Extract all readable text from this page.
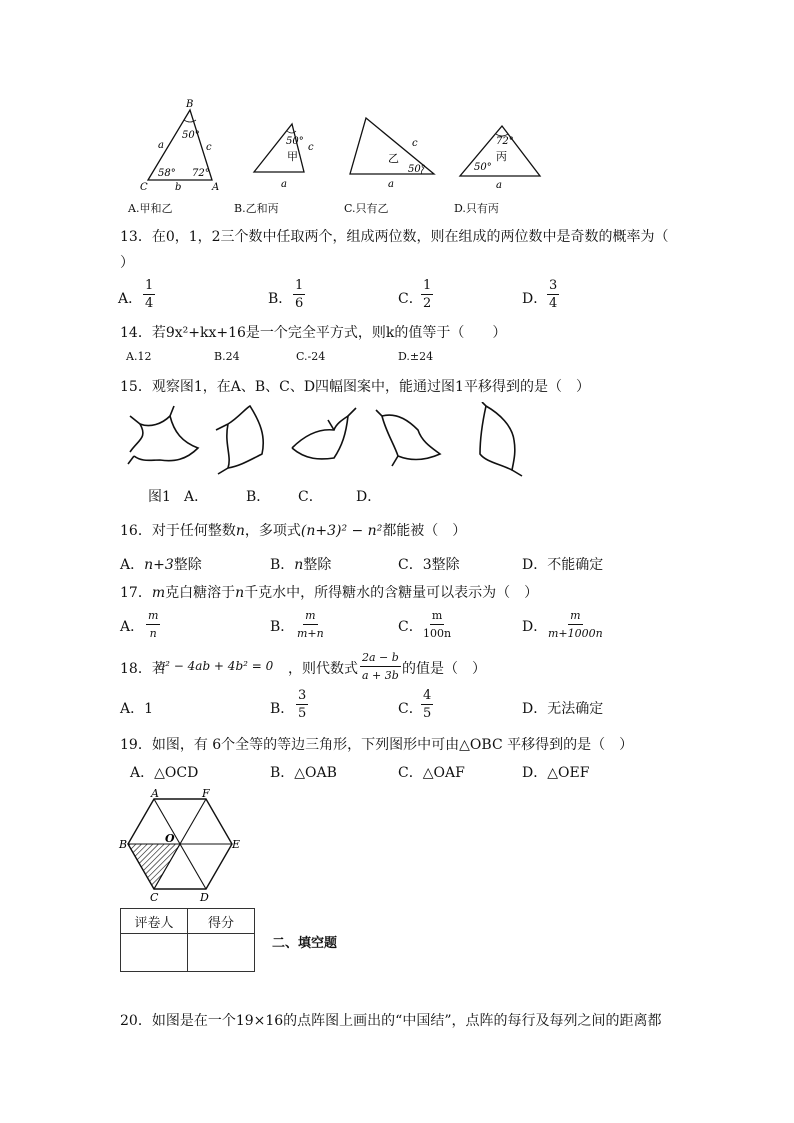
B
C	A
a
b
c
50°
58° 72°
50°
甲
c
a
乙
50°
c
a
72°
丙
50°
a
A.甲和乙	B.乙和丙	C.只有乙	D.只有丙
13．在0，1，2三个数中任取两个，组成两位数，则在组成的两位数中是奇数的概率为（
）
A． $\frac{1}{4}$	B． $\frac{1}{6}$	C．
$\frac{1}{2}$	D． $\frac{3}{4}$
14．若9x²+kx+16是一个完全平方式，则k的值等于（　　）
A.12	B.24	C.-24	D.±24
15．观察图1，在A、B、C、D四幅图案中，能通过图1平移得到的是（　）
图1 A．	B． C． D．
16．对于任何整数n，多项式(n+3)² − n²都能被（　）
A．n+3整除	B．n整除	C．3整除	D．不能确定
17．m克白糖溶于n千克水中，所得糖水的含糖量可以表示为（　）
A． $\frac{m}{n}$	B． $\frac{m}{m+n}$	C．
$\frac{m}{100n}$	D．
$\frac{m}{m+1000n}$
18．若
a² − 4ab + 4b² = 0 ，则代数式 $\frac{2a - b}{a + 3b}$ 的值是（　）
A．1	B． $\frac{3}{5}$	C．
$\frac{4}{5}$	D．无法确定
19．如图，有 6个全等的等边三角形，下列图形中可由△OBC 平移得到的是（　）
A．△OCD	B．△OAB	C．△OAF	D．△OEF
A	F
B	O	E
C	D
评卷人	得分

二、填空题
20．如图是在一个19×16的点阵图上画出的“中国结”，点阵的每行及每列之间的距离都
